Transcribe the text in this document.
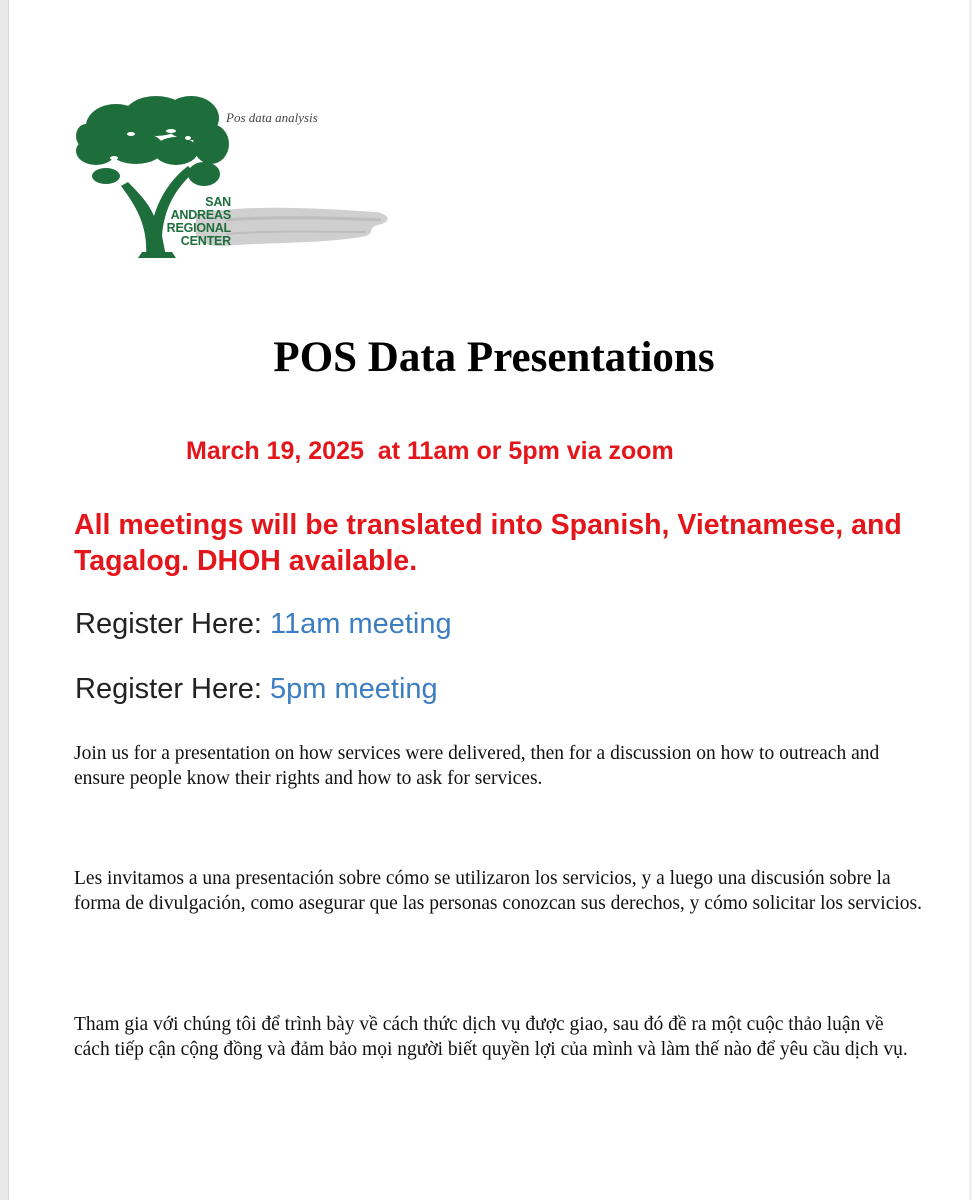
Pos data analysis
SAN
ANDREAS
REGIONAL
CENTER
POS Data Presentations

March 19, 2025  at 11am or 5pm via zoom

All meetings will be translated into Spanish, Vietnamese, and Tagalog. DHOH available.

Register Here: 11am meeting

Register Here: 5pm meeting

Join us for a presentation on how services were delivered, then for a discussion on how to outreach and ensure people know their rights and how to ask for services.

Les invitamos a una presentación sobre cómo se utilizaron los servicios, y a luego una discusión sobre la forma de divulgación, como asegurar que las personas conozcan sus derechos, y cómo solicitar los servicios.

Tham gia với chúng tôi để trình bày về cách thức dịch vụ được giao, sau đó đề ra một cuộc thảo luận về cách tiếp cận cộng đồng và đảm bảo mọi người biết quyền lợi của mình và làm thế nào để yêu cầu dịch vụ.
